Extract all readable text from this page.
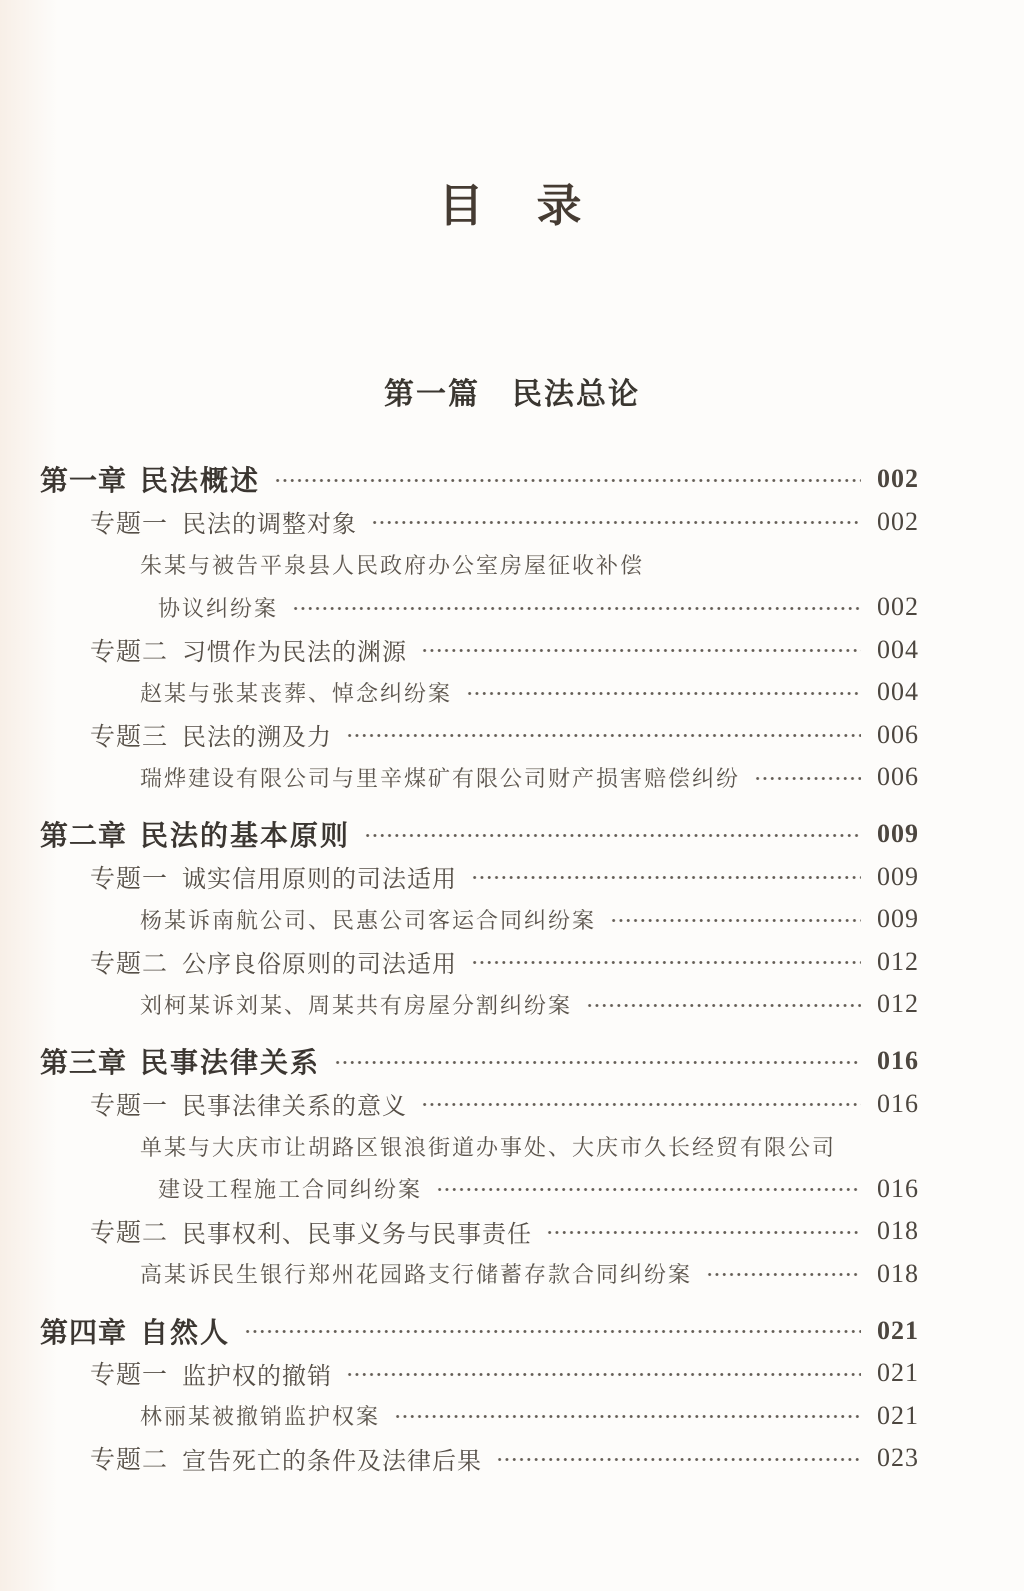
目　录
第一篇　民法总论
第一章 民法概述	002
专题一 民法的调整对象	002
朱某与被告平泉县人民政府办公室房屋征收补偿
协议纠纷案	002
专题二 习惯作为民法的渊源	004
赵某与张某丧葬、悼念纠纷案	004
专题三 民法的溯及力	006
瑞烨建设有限公司与里辛煤矿有限公司财产损害赔偿纠纷	006
第二章 民法的基本原则	009
专题一 诚实信用原则的司法适用	009
杨某诉南航公司、民惠公司客运合同纠纷案	009
专题二 公序良俗原则的司法适用	012
刘柯某诉刘某、周某共有房屋分割纠纷案	012
第三章 民事法律关系	016
专题一 民事法律关系的意义	016
单某与大庆市让胡路区银浪街道办事处、大庆市久长经贸有限公司
建设工程施工合同纠纷案	016
专题二 民事权利、民事义务与民事责任	018
高某诉民生银行郑州花园路支行储蓄存款合同纠纷案	018
第四章 自然人	021
专题一 监护权的撤销	021
林丽某被撤销监护权案	021
专题二 宣告死亡的条件及法律后果	023
